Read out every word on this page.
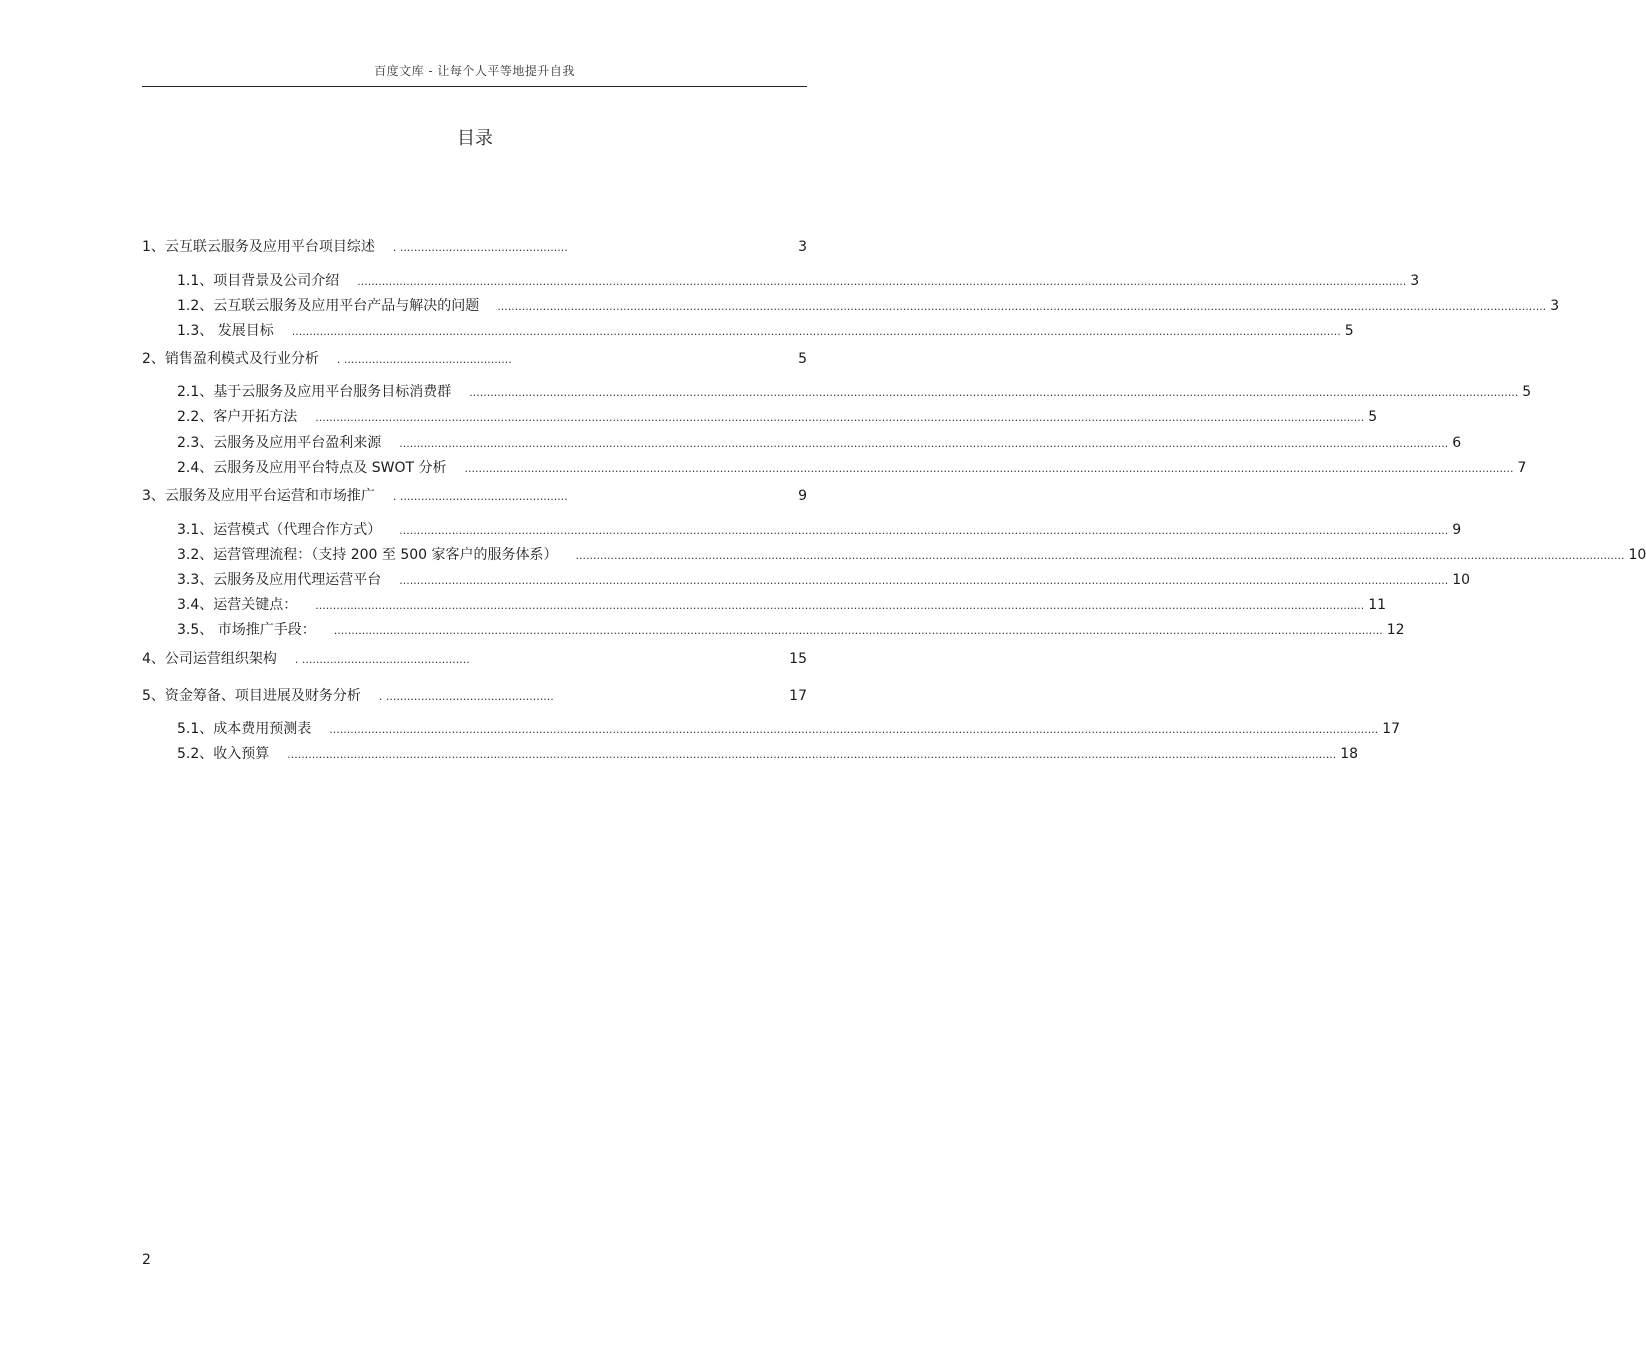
百度文库 - 让每个人平等地提升自我
目录
1、云互联云服务及应用平台项目综述	. ................................................	3
1.1、项目背景及公司介绍	............................................................................................................................................................................................................................................................................................................ 3
1.2、云互联云服务及应用平台产品与解决的问题	............................................................................................................................................................................................................................................................................................................ 3
1.3、 发展目标	............................................................................................................................................................................................................................................................................................................ 5
2、销售盈利模式及行业分析	. ................................................	5
2.1、基于云服务及应用平台服务目标消费群	............................................................................................................................................................................................................................................................................................................ 5
2.2、客户开拓方法	............................................................................................................................................................................................................................................................................................................ 5
2.3、云服务及应用平台盈利来源	............................................................................................................................................................................................................................................................................................................ 6
2.4、云服务及应用平台特点及 SWOT 分析	............................................................................................................................................................................................................................................................................................................ 7
3、云服务及应用平台运营和市场推广	. ................................................	9
3.1、运营模式（代理合作方式）	............................................................................................................................................................................................................................................................................................................ 9
3.2、运营管理流程：（支持 200 至 500 家客户的服务体系）	............................................................................................................................................................................................................................................................................................................ 10
3.3、云服务及应用代理运营平台	............................................................................................................................................................................................................................................................................................................ 10
3.4、运营关键点：	............................................................................................................................................................................................................................................................................................................ 11
3.5、 市场推广手段：	............................................................................................................................................................................................................................................................................................................ 12
4、公司运营组织架构	. ................................................	15
5、资金筹备、项目进展及财务分析	. ................................................	17
5.1、成本费用预测表	............................................................................................................................................................................................................................................................................................................ 17
5.2、收入预算	............................................................................................................................................................................................................................................................................................................ 18
2
